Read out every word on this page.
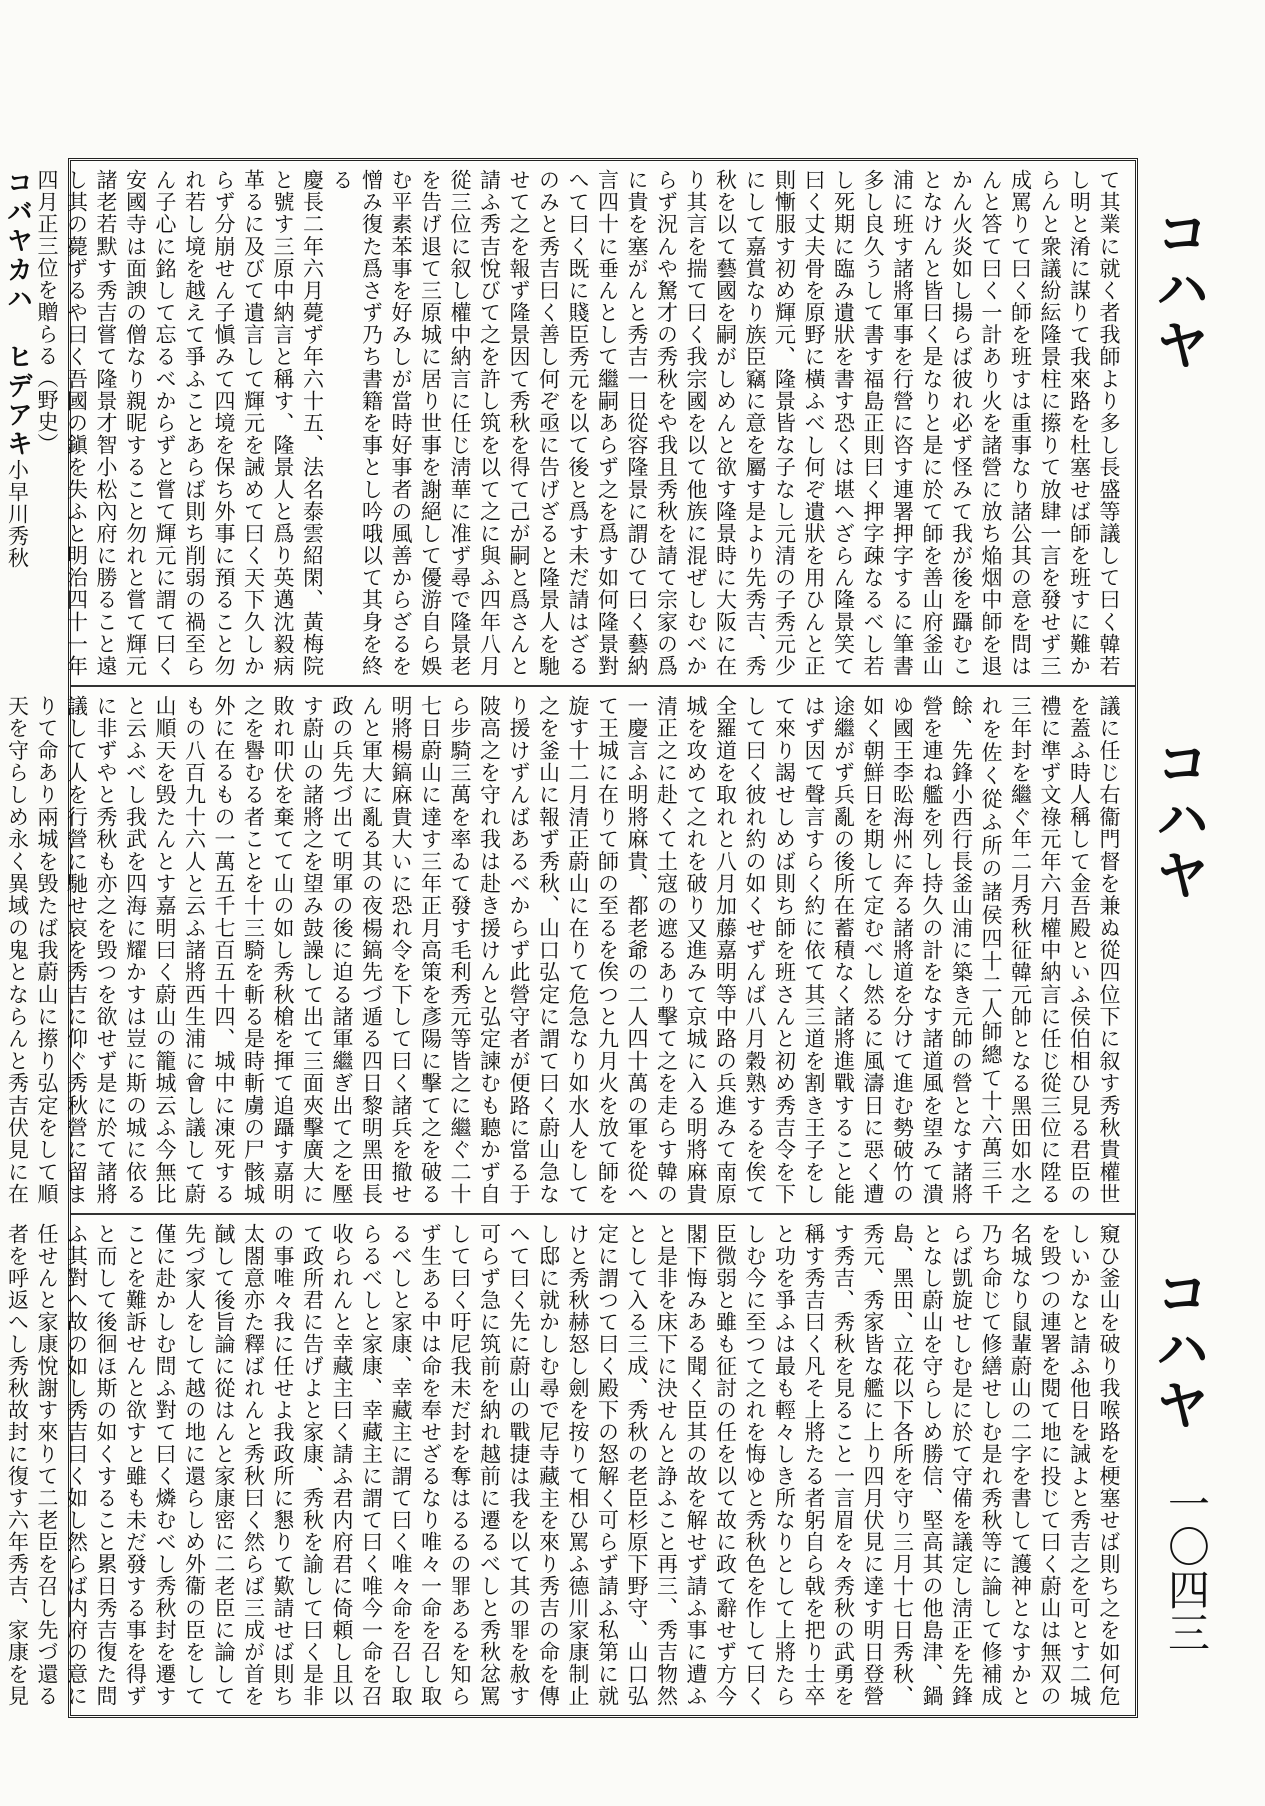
コハヤ
コハヤ
コハヤ
一〇四三

て其業に就く者我師より多し長盛等議して曰く韓若し明と淆に謀りて我來路を杜塞せば師を班すに難からんと衆議紛紜隆景柱に攃りて放肆一言を發せず三成罵りて曰く師を班すは重事なり諸公其の意を問はんと答て曰く一計あり火を諸營に放ち焔烟中師を退かん火炎如し揚らば彼れ必ず怪みて我が後を躡むことなけんと皆曰く是なりと是に於て師を善山府釜山浦に班す諸將軍事を行營に咨す連署押字するに筆書多し良久うして書す福島正則曰く押字疎なるべし若し死期に臨み遺狀を書す恐くは堪へざらん隆景笑て曰く丈夫骨を原野に橫ふべし何ぞ遺狀を用ひんと正則慚服す初め輝元、隆景皆な子なし元清の子秀元少にして嘉賞なり族臣竊に意を屬す是より先秀吉、秀秋を以て藝國を嗣がしめんと欲す隆景時に大阪に在り其言を揣て曰く我宗國を以て他族に混ぜしむべからず況んや駑才の秀秋をや我且秀秋を請て宗家の爲に貴を塞がんと秀吉一日從容隆景に謂ひて曰く藝納言四十に垂んとして繼嗣あらず之を爲す如何隆景對へて曰く既に賤臣秀元を以て後と爲す未だ請はざるのみと秀吉曰く善し何ぞ亟に告げざると隆景人を馳せて之を報ず隆景因て秀秋を得て己が嗣と爲さんと請ふ秀吉悅びて之を許し筑を以て之に與ふ四年八月從三位に叙し權中納言に任じ淸華に准ず尋で隆景老を告げ退て三原城に居り世事を謝絕して優游自ら娛む平素苯事を好みしが當時好事者の風善からざるを憎み復た爲さず乃ち書籍を事とし吟哦以て其身を終る

慶長二年六月薨ず年六十五、法名泰雲紹閑、黃梅院と號す三原中納言と稱す、隆景人と爲り英邁沈毅病革るに及びて遺言して輝元を誡めて曰く天下久しからず分崩せん子愼みて四境を保ち外事に預ること勿れ若し境を越えて爭ふことあらば則ち削弱の禍至らん子心に銘して忘るべからずと嘗て輝元に謂て曰く安國寺は面諛の僧なり親昵すること勿れと嘗て輝元諸老若默す秀吉嘗て隆景才智小松內府に勝ること遠し其の薨ずるや曰く吾國の鎭を失ふと明治四十一年四月正三位を贈らる（野史）

コバヤカハ　ヒデアキ小早川秀秋

議に任じ右衞門督を兼ぬ從四位下に叙す秀秋貴權世を蓋ふ時人稱して金吾殿といふ侯伯相ひ見る君臣の禮に準ず文祿元年六月權中納言に任じ從三位に陞る三年封を繼ぐ年二月秀秋征韓元帥となる黑田如水之れを佐く從ふ所の諸侯四十二人師總て十六萬三千餘、先鋒小西行長釜山浦に築き元帥の營となす諸將營を連ね艦を列し持久の計をなす諸道風を望みて潰ゆ國王李昖海州に奔る諸將道を分けて進む勢破竹の如く朝鮮日を期して定むべし然るに風濤日に惡く遭途繼がず兵亂の後所在蓄積なく諸將進戰すること能はず因て聲言すらく約に依て其三道を割き王子をして來り謁せしめば則ち師を班さんと初め秀吉令を下して曰く彼れ約の如くせずんば八月穀熟するを俟て全羅道を取れと八月加藤嘉明等中路の兵進みて南原城を攻めて之れを破り又進みて京城に入る明將麻貴清正之に赴くて土寇の遮るあり擊て之を走らす韓の一慶言ふ明將麻貴、都老爺の二人四十萬の軍を從へて王城に在りて師の至るを俟つと九月火を放て師を旋す十二月清正蔚山に在りて危急なり如水人をして之を釜山に報ず秀秋、山口弘定に謂て曰く蔚山急なり援けずんばあるべからず此營守者が便路に當る于陂高之を守れ我は赴き援けんと弘定諫むも聽かず自ら步騎三萬を率ゐて發す毛利秀元等皆之に繼ぐ二十七日蔚山に達す三年正月高策を彥陽に擊て之を破る明將楊鎬麻貴大いに恐れ令を下して曰く諸兵を撤せんと軍大に亂る其の夜楊鎬先づ遁る四日黎明黑田長政の兵先づ出て明軍の後に迫る諸軍繼ぎ出て之を壓す蔚山の諸將之を望み鼓譟して出て三面夾擊廣大に敗れ叩伏を棄てて山の如し秀秋槍を揮て追躡す嘉明之を譽むる者ことを十三騎を斬る是時斬虜の尸骸城外に在るもの一萬五千七百五十四、城中に凍死するもの八百九十六人と云ふ諸將西生浦に會し議して蔚山順天を毁たんとす嘉明曰く蔚山の籠城云ふ今無比と云ふべし我武を四海に耀かすは豈に斯の城に依るに非ずやと秀秋も亦之を毁つを欲せず是に於て諸將議して人を行營に馳せ哀を秀吉に仰ぐ秀秋營に留まりて命あり兩城を毁たば我蔚山に攃り弘定をして順天を守らしめ永く異域の鬼とならんと秀吉伏見に在

窺ひ釜山を破り我喉路を梗塞せば則ち之を如何危しいかなと請ふ他日を誡よと秀吉之を可とす二城を毁つの連署を閱て地に投じて曰く蔚山は無双の名城なり鼠輩蔚山の二字を書して護神となすかと乃ち命じて修繕せしむ是れ秀秋等に論して修補成らば凱旋せしむ是に於て守備を議定し淸正を先鋒となし蔚山を守らしめ勝信、堅高其の他島津、鍋島、黑田、立花以下各所を守り三月十七日秀秋、秀元、秀家皆な艦に上り四月伏見に達す明日登營す秀吉、秀秋を見ること一言眉を々秀秋の武勇を稱す秀吉曰く凡そ上將たる者躬自ら戟を把り士卒と功を爭ふは最も輕々しき所なりとして上將たらしむ今に至つて之れを悔ゆと秀秋色を作して曰く臣微弱と雖も征討の任を以て故に政て辭せず方今閣下悔みある聞く臣其の故を解せず請ふ事に遭ふと是非を床下に決せんと諍ふこと再三、秀吉物然として入る三成、秀秋の老臣杉原下野守、山口弘定に謂つて曰く殿下の怒解く可らず請ふ私第に就けと秀秋赫怒し劍を按りて相ひ罵ふ德川家康制止し邸に就かしむ尋で尼寺藏主を來り秀吉の命を傳へて曰く先に蔚山の戰捷は我を以て其の罪を赦す可らず急に筑前を納れ越前に遷るべしと秀秋忿罵して曰く吁尼我未だ封を奪はるるの罪あるを知らず生ある中は命を奉せざるなり唯々一命を召し取るべしと家康、幸藏主に謂て曰く唯々命を召し取らるべしと家康、幸藏主に謂て曰く唯今一命を召收られんと幸藏主曰く請ふ君内府君に倚頼し且以て政所君に告げよと家康、秀秋を諭して曰く是非の事唯々我に任せよ我政所に懇りて歎請せば則ち太閤意亦た釋ばれんと秀秋曰く然らば三成が首を馘して後旨論に從はんと家康密に二老臣に論して先づ家人をして越の地に還らしめ外衞の臣をして僅に赴かしむ問ふ對て曰く燐むべし秀秋封を遷すことを難訴せんと欲すと雖も未だ發する事を得ずと而して後徊ほ斯の如くすること累日秀吉復た問ふ其對へ故の如し秀吉曰く如し然らば内府の意に任せんと家康悅謝す來りて二老臣を召し先づ還る者を呼返へし秀秋故封に復す六年秀吉、家康を見
